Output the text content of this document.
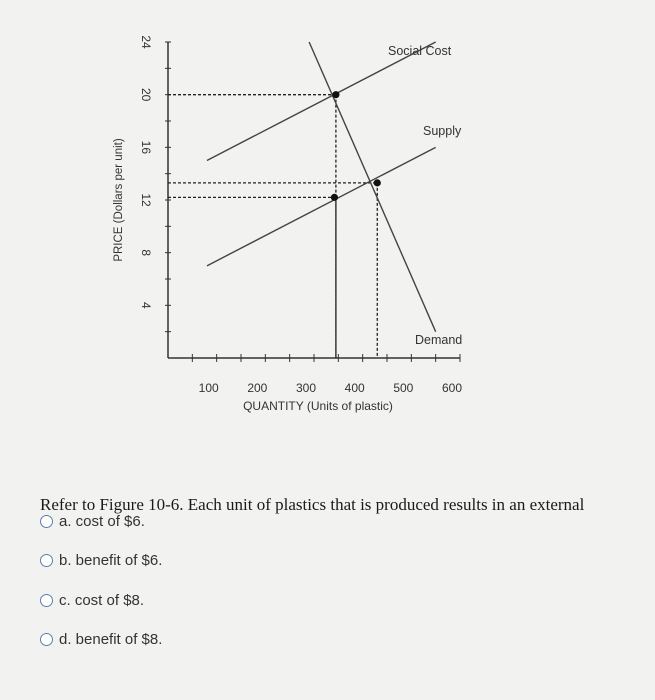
4
8
12
16
20
24
100 200 300 400 500 600
PRICE (Dollars per unit)
QUANTITY (Units of plastic)
Social Cost
Supply
Demand
Refer to Figure 10-6. Each unit of plastics that is produced results in an external
a. cost of $6.
b. benefit of $6.
c. cost of $8.
d. benefit of $8.
